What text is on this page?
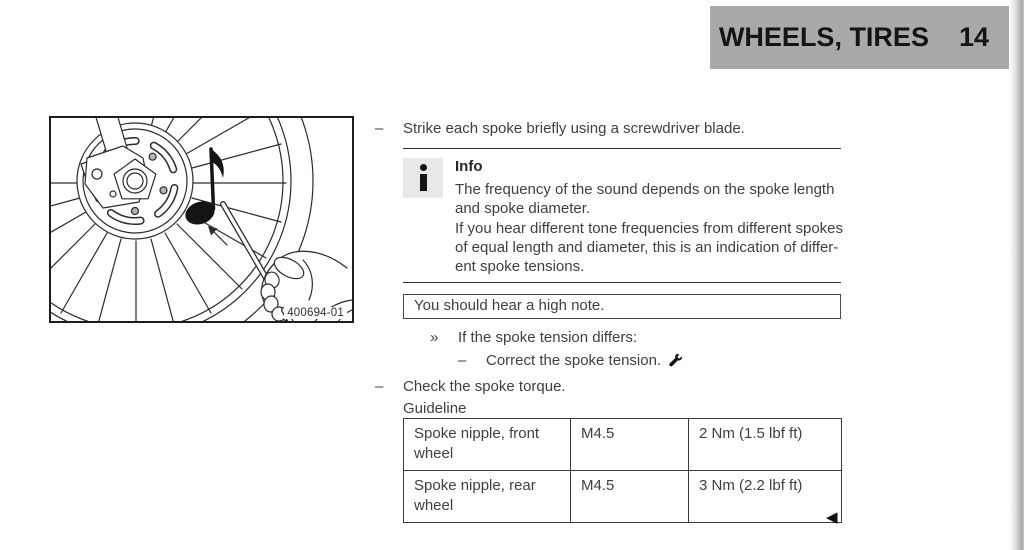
WHEELS, TIRES 14
400694-01
– Strike each spoke briefly using a screwdriver blade.
Info
The frequency of the sound depends on the spoke length
and spoke diameter.
If you hear different tone frequencies from different spokes
of equal length and diameter, this is an indication of differ-
ent spoke tensions.
You should hear a high note.
» If the spoke tension differs:
– Correct the spoke tension.
– Check the spoke torque.
Guideline
Spoke nipple, front wheel	M4.5	2 Nm (1.5 lbf ft)
Spoke nipple, rear wheel	M4.5	3 Nm (2.2 lbf ft)
◀
